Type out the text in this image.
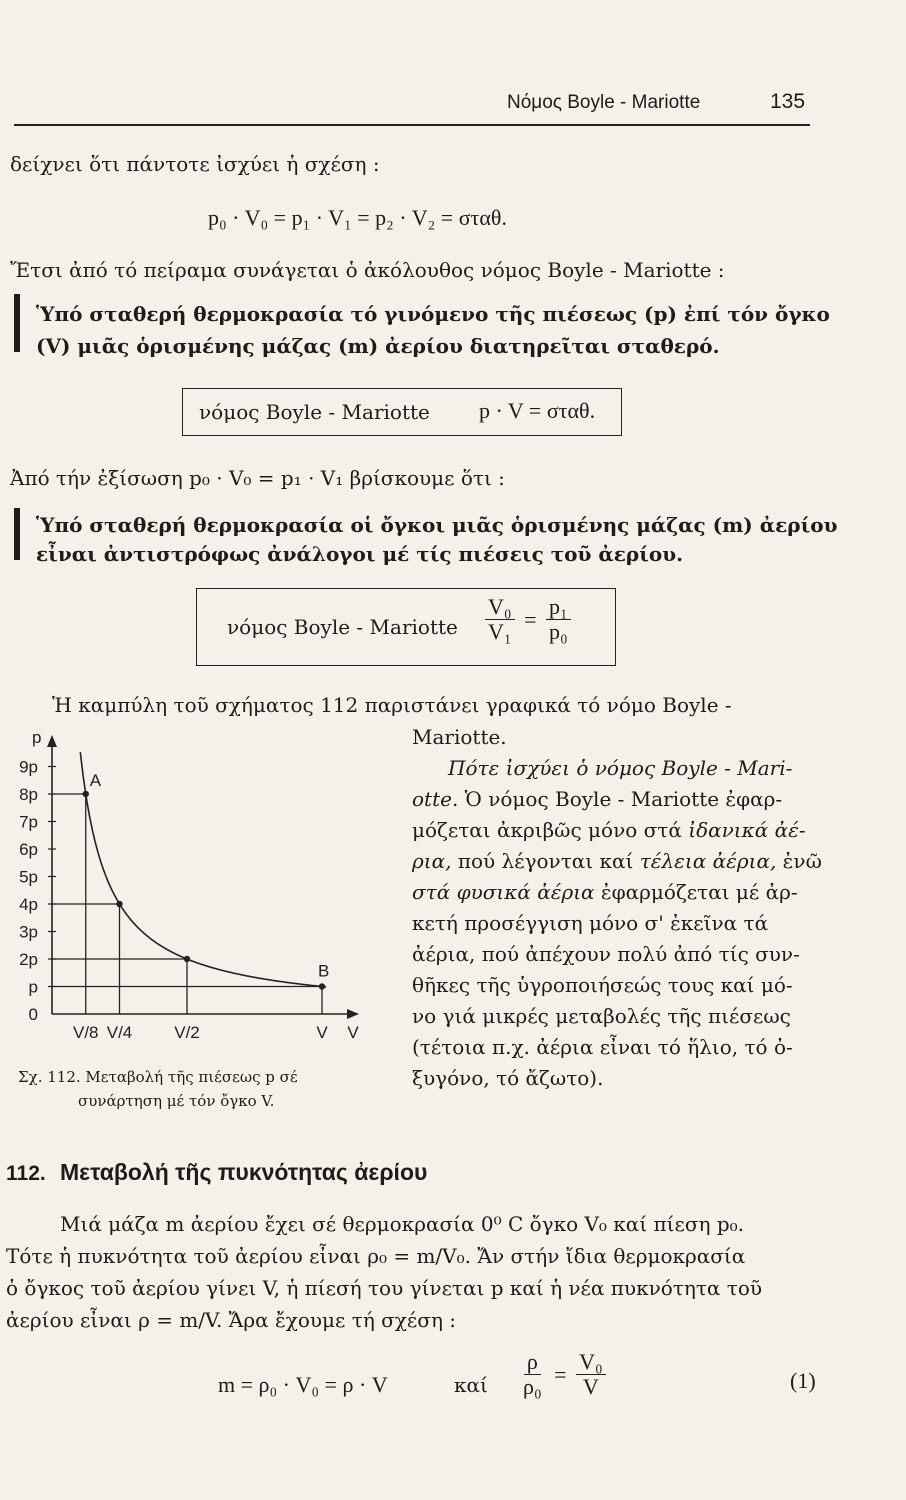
Νόμος Boyle - Mariotte	135
δείχνει ὅτι πάντοτε ἰσχύει ἡ σχέση :
p₀ · V₀ = p₁ · V₁ = p₂ · V₂ = σταθ.
Ἔτσι ἀπό τό πείραμα συνάγεται ὁ ἀκόλουθος νόμος Boyle - Mariotte :
Ὑπό σταθερή θερμοκρασία τό γινόμενο τῆς πιέσεως (p) ἐπί τόν ὄγκο
(V) μιᾶς ὁρισμένης μάζας (m) ἀερίου διατηρεῖται σταθερό.
νόμος Boyle - Mariotte p · V = σταθ.
Ἀπό τήν ἐξίσωση p₀ · V₀ = p₁ · V₁ βρίσκουμε ὅτι :
Ὑπό σταθερή θερμοκρασία οἱ ὄγκοι μιᾶς ὁρισμένης μάζας (m) ἀερίου
εἶναι ἀντιστρόφως ἀνάλογοι μέ τίς πιέσεις τοῦ ἀερίου.
νόμος Boyle - Mariotte $\frac{\text{V₀}}{\text{V₁}} = \frac{\text{p₁}}{\text{p₀}}$
Ἡ καμπύλη τοῦ σχήματος 112 παριστάνει γραφικά τό νόμο Boyle -
Mariotte.
Πότε ἰσχύει ὁ νόμος Boyle - Mari-
otte. Ὁ νόμος Boyle - Mariotte ἐφαρ-
μόζεται ἀκριβῶς μόνο στά ἰδανικά ἀέ-
ρια, πού λέγονται καί τέλεια ἀέρια, ἐνῶ
στά φυσικά ἀέρια ἐφαρμόζεται μέ ἀρ-
κετή προσέγγιση μόνο σ' ἐκεῖνα τά
ἀέρια, πού ἀπέχουν πολύ ἀπό τίς συν-
θῆκες τῆς ὑγροποιήσεώς τους καί μό-
νο γιά μικρές μεταβολές τῆς πιέσεως
(τέτοια π.χ. ἀέρια εἶναι τό ἥλιο, τό ὀ-
ξυγόνο, τό ἄζωτο).
p
9p
8p
7p
6p
5p
4p
3p
2p
p
0
V/8 V/4 V/2	V V
A
B
Σχ. 112. Μεταβολή τῆς πιέσεως p σέ
συνάρτηση μέ τόν ὄγκο V.
112. Μεταβολή τῆς πυκνότητας ἀερίου
Μιά μάζα m ἀερίου ἔχει σέ θερμοκρασία 0⁰ C ὄγκο V₀ καί πίεση p₀.
Τότε ἡ πυκνότητα τοῦ ἀερίου εἶναι ρ₀ = m/V₀. Ἄν στήν ἴδια θερμοκρασία
ὁ ὄγκος τοῦ ἀερίου γίνει V, ἡ πίεσή του γίνεται p καί ἡ νέα πυκνότητα τοῦ
ἀερίου εἶναι ρ = m/V. Ἄρα ἔχουμε τή σχέση :
m = ρ₀ · V₀ = ρ · V	καί $\frac{\rho}{\text{ρ₀}} = \frac{\text{V₀}}{V}$	(1)
